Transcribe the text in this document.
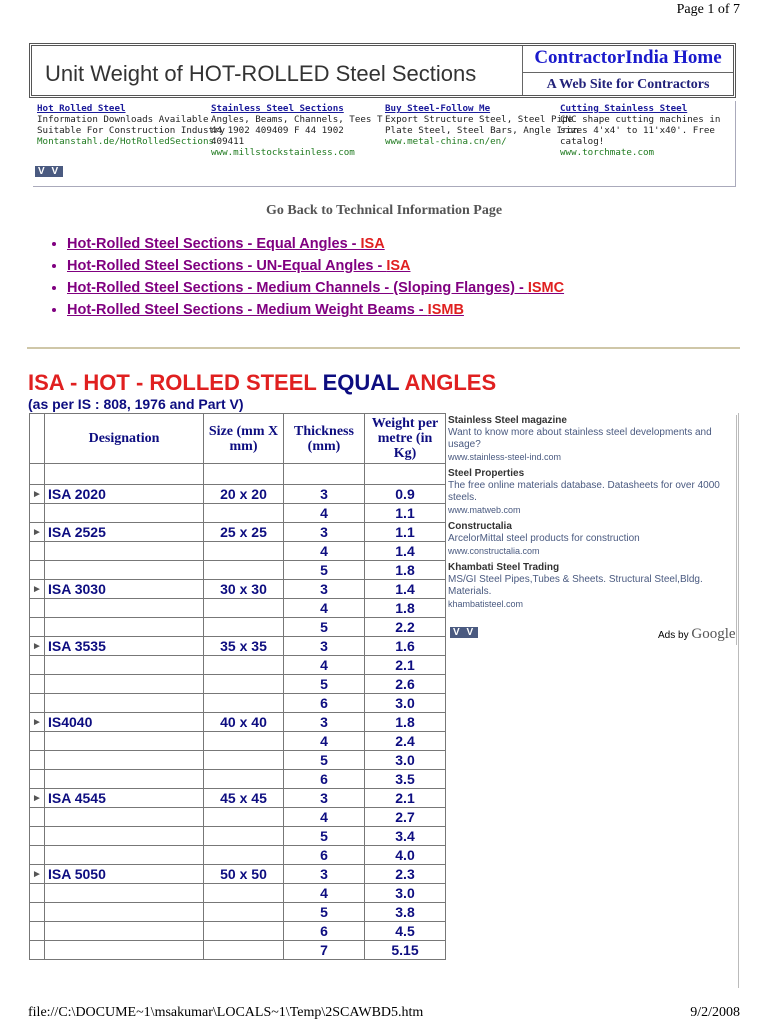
Page 1 of 7
Unit Weight of HOT-ROLLED Steel Sections
ContractorIndia Home
A Web Site for Contractors
Hot Rolled Steel
Information Downloads Available
Suitable For Construction Industry
Montanstahl.de/HotRolledSections
Stainless Steel Sections
Angles, Beams, Channels, Tees T
44 1902 409409 F 44 1902
409411
www.millstockstainless.com
Buy Steel-Follow Me
Export Structure Steel, Steel Pipe
Plate Steel, Steel Bars, Angle Iron
www.metal-china.cn/en/
Cutting Stainless Steel
CNC shape cutting machines in
sizes 4'x4' to 11'x40'. Free
catalog!
www.torchmate.com
V V
Go Back to Technical Information Page
• Hot-Rolled Steel Sections - Equal Angles - ISA
• Hot-Rolled Steel Sections - UN-Equal Angles - ISA
• Hot-Rolled Steel Sections - Medium Channels - (Sloping Flanges) - ISMC
• Hot-Rolled Steel Sections - Medium Weight Beams - ISMB
ISA - HOT - ROLLED STEEL EQUAL ANGLES
(as per IS : 808, 1976 and Part V)
	Designation	Size (mm X mm)	Thickness (mm)	Weight per metre (in Kg)

►	ISA 2020	20 x 20	3	0.9
			4	1.1
►	ISA 2525	25 x 25	3	1.1
			4	1.4
			5	1.8
►	ISA 3030	30 x 30	3	1.4
			4	1.8
			5	2.2
►	ISA 3535	35 x 35	3	1.6
			4	2.1
			5	2.6
			6	3.0
►	IS4040	40 x 40	3	1.8
			4	2.4
			5	3.0
			6	3.5
►	ISA 4545	45 x 45	3	2.1
			4	2.7
			5	3.4
			6	4.0
►	ISA 5050	50 x 50	3	2.3
			4	3.0
			5	3.8
			6	4.5
			7	5.15
Stainless Steel magazine
Want to know more about stainless steel developments and usage?
www.stainless-steel-ind.com
Steel Properties
The free online materials database. Datasheets for over 4000 steels.
www.matweb.com
Constructalia
ArcelorMittal steel products for construction
www.constructalia.com
Khambati Steel Trading
MS/GI Steel Pipes,Tubes & Sheets. Structural Steel,Bldg. Materials.
khambatisteel.com
V V	Ads by Google
file://C:\DOCUME~1\msakumar\LOCALS~1\Temp\2SCAWBD5.htm	9/2/2008
